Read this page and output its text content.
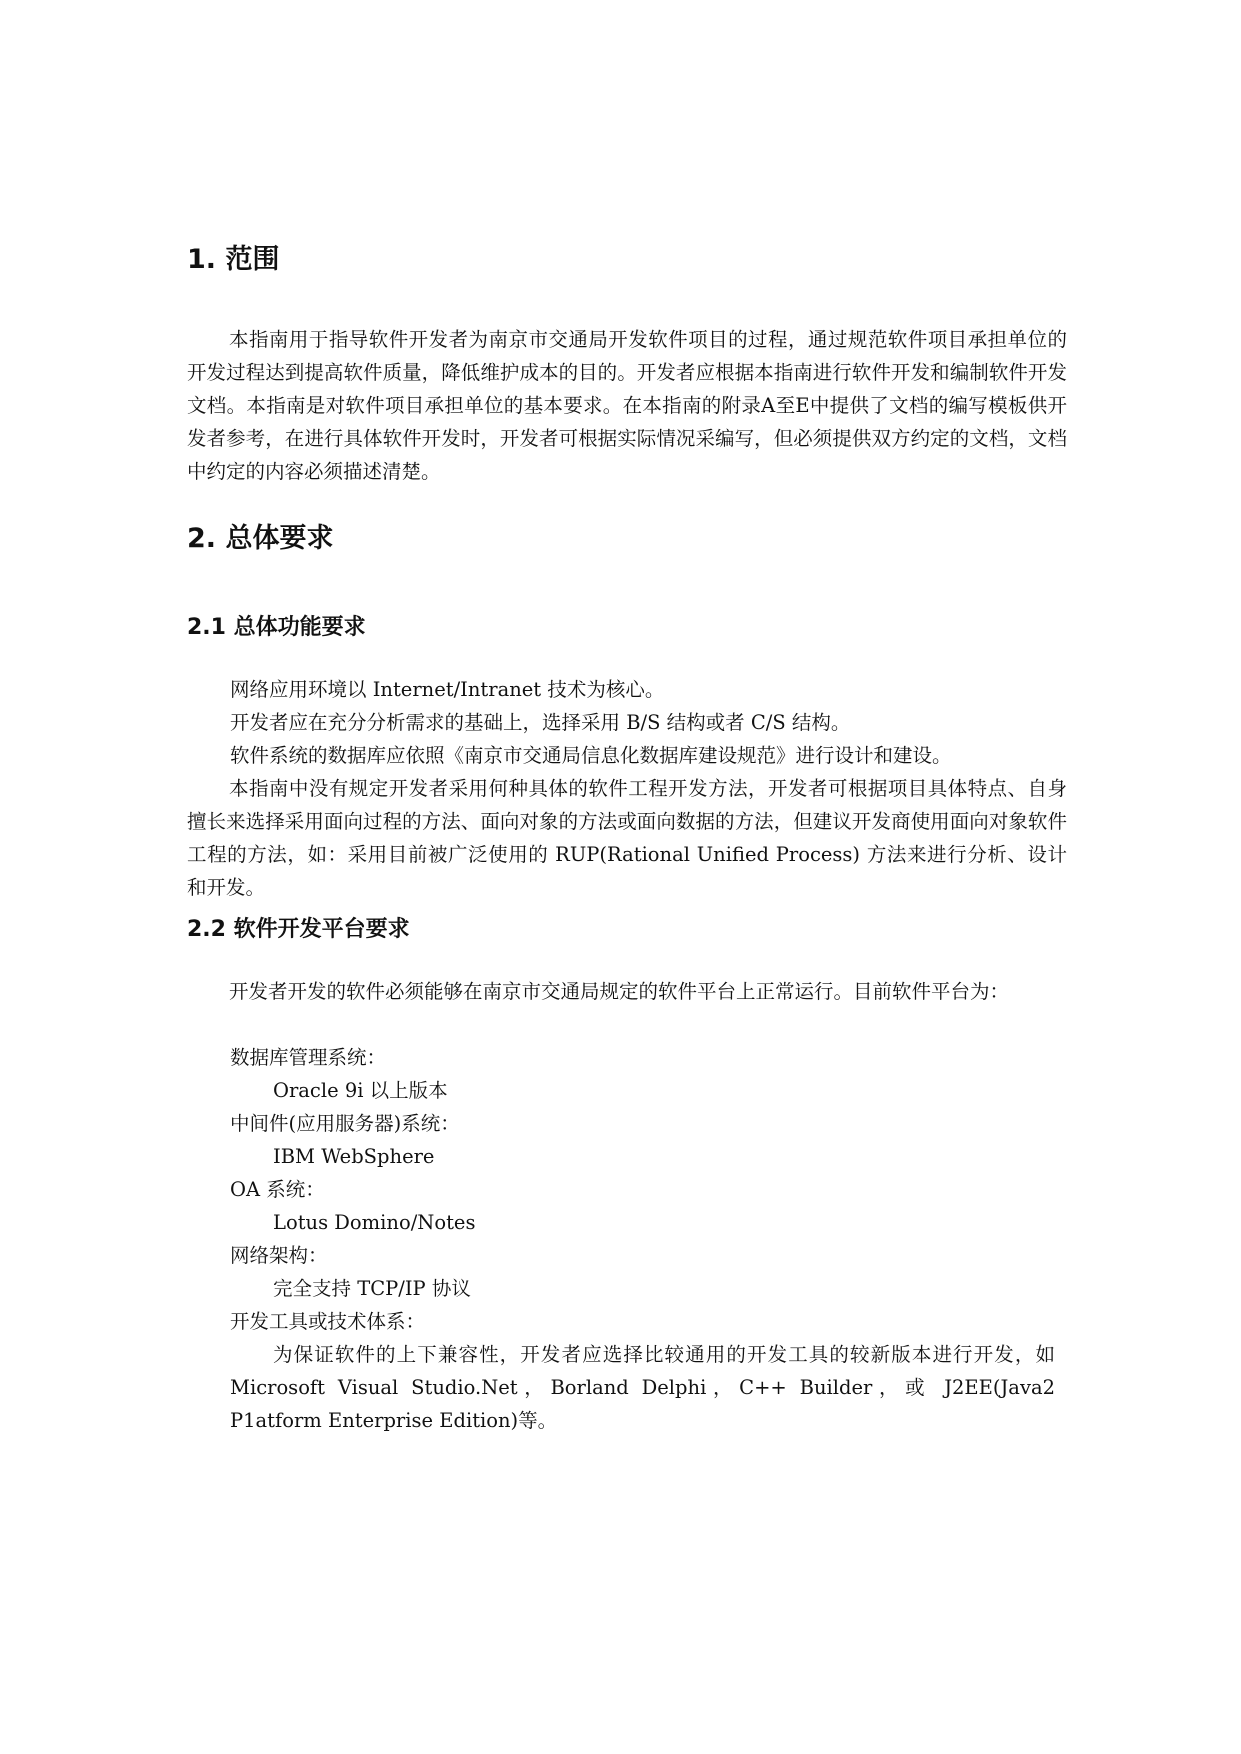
1. 范围

本指南用于指导软件开发者为南京市交通局开发软件项目的过程，通过规范软件项目承担单位的开发过程达到提高软件质量，降低维护成本的目的。开发者应根据本指南进行软件开发和编制软件开发文档。本指南是对软件项目承担单位的基本要求。在本指南的附录A至E中提供了文档的编写模板供开发者参考，在进行具体软件开发时，开发者可根据实际情况采编写，但必须提供双方约定的文档，文档中约定的内容必须描述清楚。

2. 总体要求
2.1 总体功能要求

网络应用环境以 Internet/Intranet 技术为核心。

开发者应在充分分析需求的基础上，选择采用 B/S 结构或者 C/S 结构。

软件系统的数据库应依照《南京市交通局信息化数据库建设规范》进行设计和建设。

本指南中没有规定开发者采用何种具体的软件工程开发方法，开发者可根据项目具体特点、自身擅长来选择采用面向过程的方法、面向对象的方法或面向数据的方法，但建议开发商使用面向对象软件工程的方法，如：采用目前被广泛使用的 RUP(Rational Unified Process) 方法来进行分析、设计和开发。

2.2 软件开发平台要求

开发者开发的软件必须能够在南京市交通局规定的软件平台上正常运行。目前软件平台为：

数据库管理系统：

Oracle 9i 以上版本

中间件(应用服务器)系统：

IBM WebSphere

OA 系统：

Lotus Domino/Notes

网络架构：

完全支持 TCP/IP 协议

开发工具或技术体系：

为保证软件的上下兼容性，开发者应选择比较通用的开发工具的较新版本进行开发，如 Microsoft Visual Studio.Net，Borland Delphi，C++ Builder，或 J2EE(Java2 P1atform Enterprise Edition)等。
